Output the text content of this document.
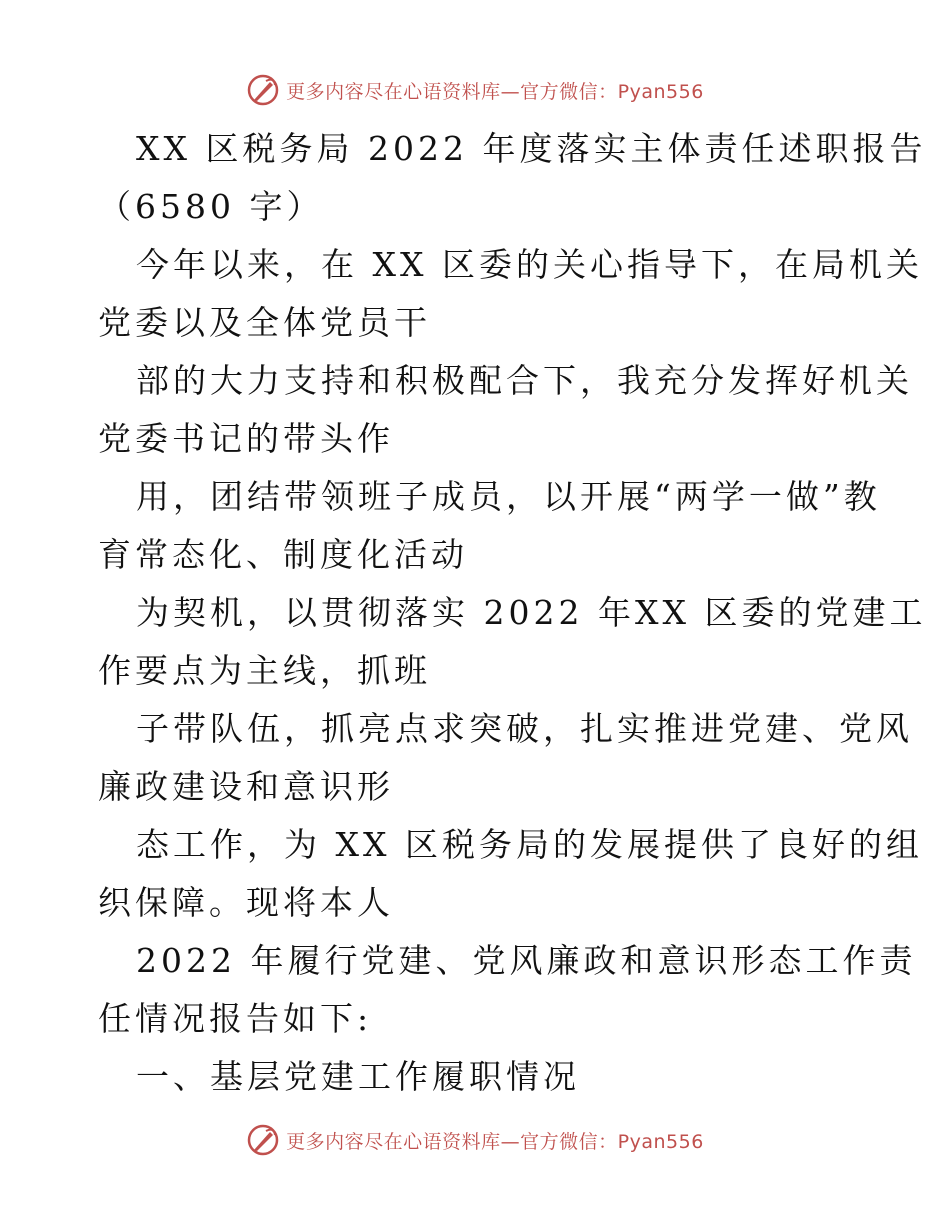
更多内容尽在心语资料库—官方微信：Pyan556
XX 区税务局 2022 年度落实主体责任述职报告
（6580 字）
今年以来，在 XX 区委的关心指导下，在局机关
党委以及全体党员干
部的大力支持和积极配合下，我充分发挥好机关
党委书记的带头作
用，团结带领班子成员，以开展“两学一做”教
育常态化、制度化活动
为契机，以贯彻落实 2022 年XX 区委的党建工
作要点为主线，抓班
子带队伍，抓亮点求突破，扎实推进党建、党风
廉政建设和意识形
态工作，为 XX 区税务局的发展提供了良好的组
织保障。现将本人
2022 年履行党建、党风廉政和意识形态工作责
任情况报告如下:
一、基层党建工作履职情况
更多内容尽在心语资料库—官方微信：Pyan556
